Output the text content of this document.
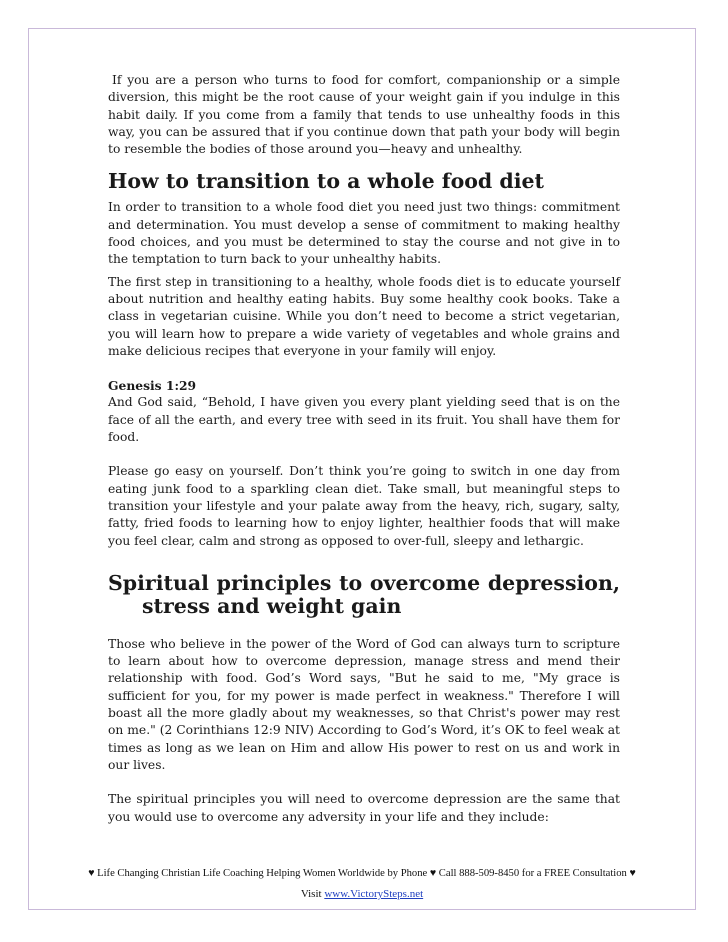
If you are a person who turns to food for comfort, companionship or a simple diversion, this might be the root cause of your weight gain if you indulge in this habit daily. If you come from a family that tends to use unhealthy foods in this way, you can be assured that if you continue down that path your body will begin to resemble the bodies of those around you—heavy and unhealthy.

How to transition to a whole food diet

In order to transition to a whole food diet you need just two things: commitment and determination. You must develop a sense of commitment to making healthy food choices, and you must be determined to stay the course and not give in to the temptation to turn back to your unhealthy habits.

The first step in transitioning to a healthy, whole foods diet is to educate yourself about nutrition and healthy eating habits. Buy some healthy cook books. Take a class in vegetarian cuisine. While you don’t need to become a strict vegetarian, you will learn how to prepare a wide variety of vegetables and whole grains and make delicious recipes that everyone in your family will enjoy.

Genesis 1:29
And God said, “Behold, I have given you every plant yielding seed that is on the face of all the earth, and every tree with seed in its fruit. You shall have them for food.

Please go easy on yourself. Don’t think you’re going to switch in one day from eating junk food to a sparkling clean diet. Take small, but meaningful steps to transition your lifestyle and your palate away from the heavy, rich, sugary, salty, fatty, fried foods to learning how to enjoy lighter, healthier foods that will make you feel clear, calm and strong as opposed to over-full, sleepy and lethargic.

Spiritual principles to overcome depression,
stress and weight gain

Those who believe in the power of the Word of God can always turn to scripture to learn about how to overcome depression, manage stress and mend their relationship with food. God’s Word says, "But he said to me, "My grace is sufficient for you, for my power is made perfect in weakness." Therefore I will boast all the more gladly about my weaknesses, so that Christ's power may rest on me." (2 Corinthians 12:9 NIV) According to God’s Word, it’s OK to feel weak at times as long as we lean on Him and allow His power to rest on us and work in our lives.

The spiritual principles you will need to overcome depression are the same that you would use to overcome any adversity in your life and they include:

♥ Life Changing Christian Life Coaching Helping Women Worldwide by Phone ♥ Call 888-509-8450 for a FREE Consultation ♥
Visit www.VictorySteps.net
